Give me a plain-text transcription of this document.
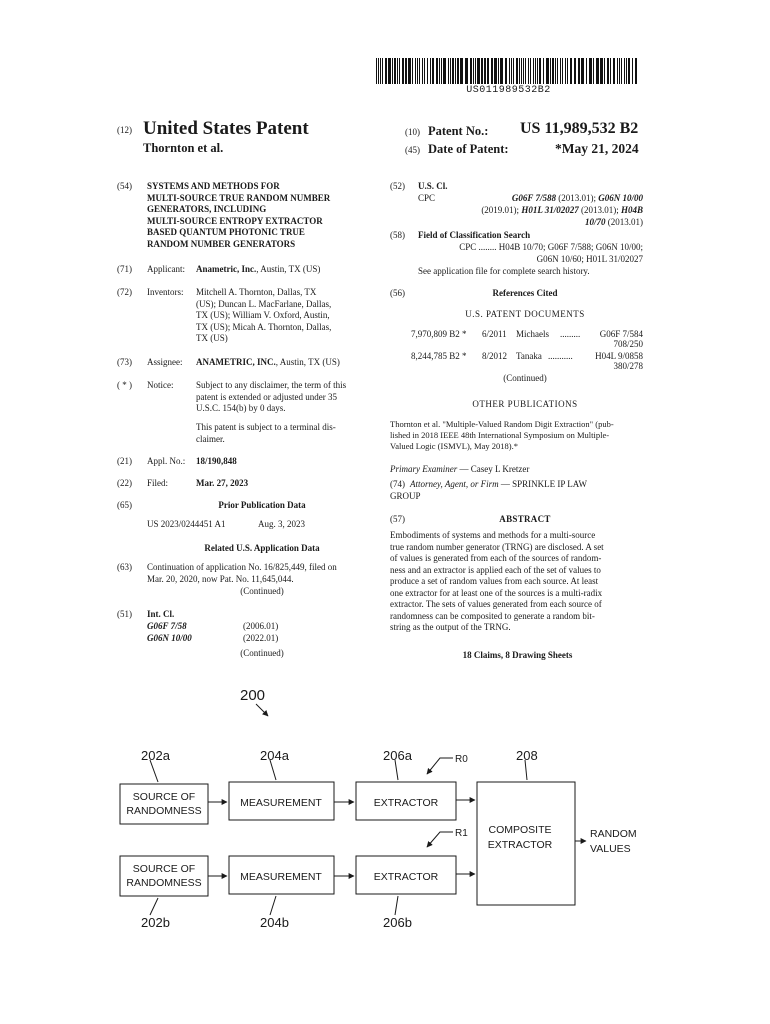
US011989532B2
(12) United States Patent
Thornton et al.
(10) Patent No.: US 11,989,532 B2
(45) Date of Patent:	*May 21, 2024
(54) SYSTEMS AND METHODS FOR
MULTI-SOURCE TRUE RANDOM NUMBER
GENERATORS, INCLUDING
MULTI-SOURCE ENTROPY EXTRACTOR
BASED QUANTUM PHOTONIC TRUE
RANDOM NUMBER GENERATORS
(71) Applicant: Anametric, Inc., Austin, TX (US)
(72) Inventors: Mitchell A. Thornton, Dallas, TX
(US); Duncan L. MacFarlane, Dallas,
TX (US); William V. Oxford, Austin,
TX (US); Micah A. Thornton, Dallas,
TX (US)
(73) Assignee: ANAMETRIC, INC., Austin, TX (US)
( * ) Notice:	Subject to any disclaimer, the term of this
patent is extended or adjusted under 35
U.S.C. 154(b) by 0 days.
This patent is subject to a terminal dis-
claimer.
(21) Appl. No.: 18/190,848
(22) Filed:	Mar. 27, 2023
(65)	Prior Publication Data
US 2023/0244451 A1	Aug. 3, 2023
Related U.S. Application Data
(63) Continuation of application No. 16/825,449, filed on
Mar. 20, 2020, now Pat. No. 11,645,044.
(Continued)
(51) Int. Cl.
G06F 7/58	(2006.01)
G06N 10/00	(2022.01)
(Continued)
(52) U.S. Cl.
CPC	G06F 7/588 (2013.01); G06N 10/00
(2019.01); H01L 31/02027 (2013.01); H04B
10/70 (2013.01)
(58) Field of Classification Search
CPC ........ H04B 10/70; G06F 7/588; G06N 10/00;
G06N 10/60; H01L 31/02027
See application file for complete search history.
(56)	References Cited
U.S. PATENT DOCUMENTS
7,970,809 B2 * 6/2011 Michaels .........	G06F 7/584
708/250
8,244,785 B2 * 8/2012 Tanaka ...........	H04L 9/0858
380/278
(Continued)
OTHER PUBLICATIONS
Thornton et al. "Multiple-Valued Random Digit Extraction" (pub-
lished in 2018 IEEE 48th International Symposium on Multiple-
Valued Logic (ISMVL), May 2018).*
Primary Examiner — Casey L Kretzer
(74) Attorney, Agent, or Firm — SPRINKLE IP LAW
GROUP
(57)	ABSTRACT
Embodiments of systems and methods for a multi-source
true random number generator (TRNG) are disclosed. A set
of values is generated from each of the sources of random-
ness and an extractor is applied each of the set of values to
produce a set of random values from each source. At least
one extractor for at least one of the sources is a multi-radix
extractor. The sets of values generated from each source of
randomness can be composited to generate a random bit-
string as the output of the TRNG.
18 Claims, 8 Drawing Sheets
200
202a	204a	206a	208
R0
R1
202b	204b	206b
SOURCE OF
RANDOMNESS
MEASUREMENT	EXTRACTOR
SOURCE OF
RANDOMNESS	MEASUREMENT	EXTRACTOR
COMPOSITE
EXTRACTOR
RANDOM
VALUES
